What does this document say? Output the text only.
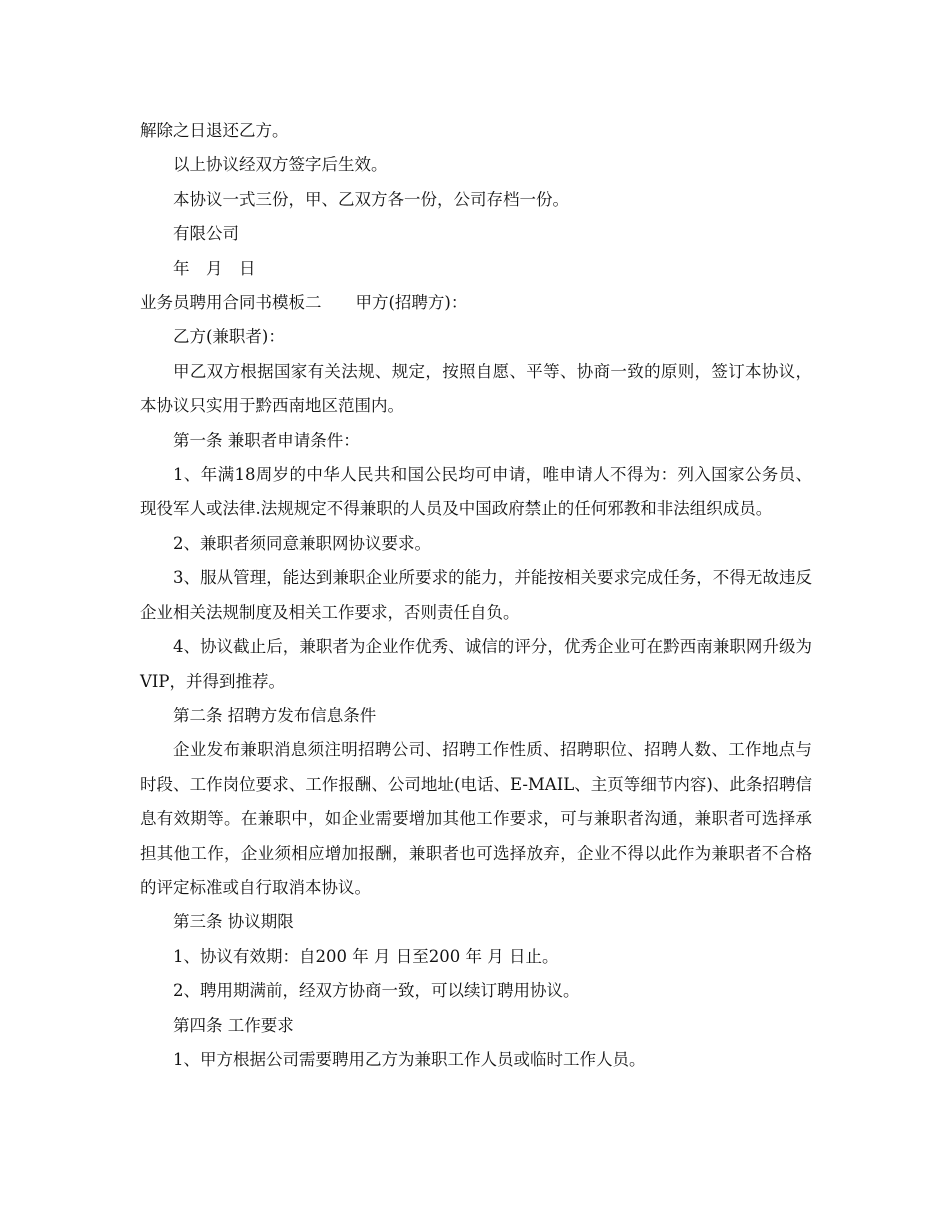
解除之日退还乙方。

以上协议经双方签字后生效。

本协议一式三份，甲、乙双方各一份，公司存档一份。

有限公司

年　月　日

业务员聘用合同书模板二 甲方(招聘方)：

乙方(兼职者)：

甲乙双方根据国家有关法规、规定，按照自愿、平等、协商一致的原则，签订本协议，本协议只实用于黔西南地区范围内。

第一条 兼职者申请条件：

1、年满18周岁的中华人民共和国公民均可申请，唯申请人不得为：列入国家公务员、现役军人或法律.法规规定不得兼职的人员及中国政府禁止的任何邪教和非法组织成员。

2、兼职者须同意兼职网协议要求。

3、服从管理，能达到兼职企业所要求的能力，并能按相关要求完成任务，不得无故违反企业相关法规制度及相关工作要求，否则责任自负。

4、协议截止后，兼职者为企业作优秀、诚信的评分，优秀企业可在黔西南兼职网升级为VIP，并得到推荐。

第二条 招聘方发布信息条件

企业发布兼职消息须注明招聘公司、招聘工作性质、招聘职位、招聘人数、工作地点与时段、工作岗位要求、工作报酬、公司地址(电话、E-MAIL、主页等细节内容)、此条招聘信息有效期等。在兼职中，如企业需要增加其他工作要求，可与兼职者沟通，兼职者可选择承担其他工作，企业须相应增加报酬，兼职者也可选择放弃，企业不得以此作为兼职者不合格的评定标准或自行取消本协议。

第三条 协议期限

1、协议有效期：自200 年 月 日至200 年 月 日止。

2、聘用期满前，经双方协商一致，可以续订聘用协议。

第四条 工作要求

1、甲方根据公司需要聘用乙方为兼职工作人员或临时工作人员。
